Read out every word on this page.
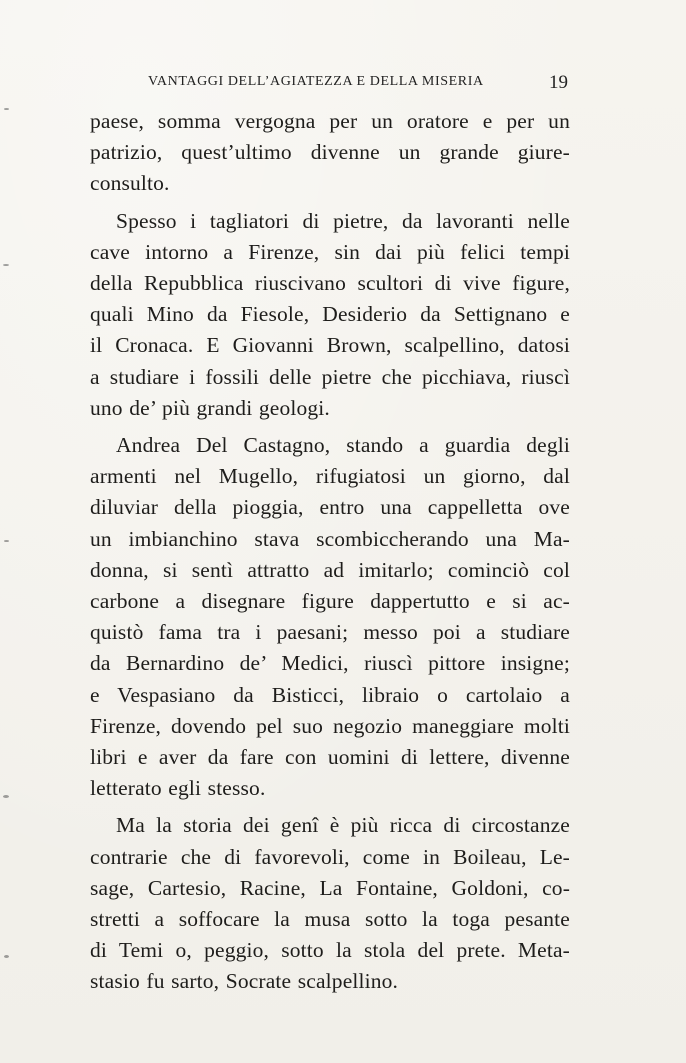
VANTAGGI DELL’AGIATEZZA E DELLA MISERIA	19

paese, somma vergogna per un oratore e per un
patrizio, quest’ultimo divenne un grande giure-
consulto.

Spesso i tagliatori di pietre, da lavoranti nelle
cave intorno a Firenze, sin dai più felici tempi
della Repubblica riuscivano scultori di vive figure,
quali Mino da Fiesole, Desiderio da Settignano e
il Cronaca. E Giovanni Brown, scalpellino, datosi
a studiare i fossili delle pietre che picchiava, riuscì
uno de’ più grandi geologi.

Andrea Del Castagno, stando a guardia degli
armenti nel Mugello, rifugiatosi un giorno, dal
diluviar della pioggia, entro una cappelletta ove
un imbianchino stava scombiccherando una Ma-
donna, si sentì attratto ad imitarlo; cominciò col
carbone a disegnare figure dappertutto e si ac-
quistò fama tra i paesani; messo poi a studiare
da Bernardino de’ Medici, riuscì pittore insigne;
e Vespasiano da Bisticci, libraio o cartolaio a
Firenze, dovendo pel suo negozio maneggiare molti
libri e aver da fare con uomini di lettere, divenne
letterato egli stesso.

Ma la storia dei genî è più ricca di circostanze
contrarie che di favorevoli, come in Boileau, Le-
sage, Cartesio, Racine, La Fontaine, Goldoni, co-
stretti a soffocare la musa sotto la toga pesante
di Temi o, peggio, sotto la stola del prete. Meta-
stasio fu sarto, Socrate scalpellino.
